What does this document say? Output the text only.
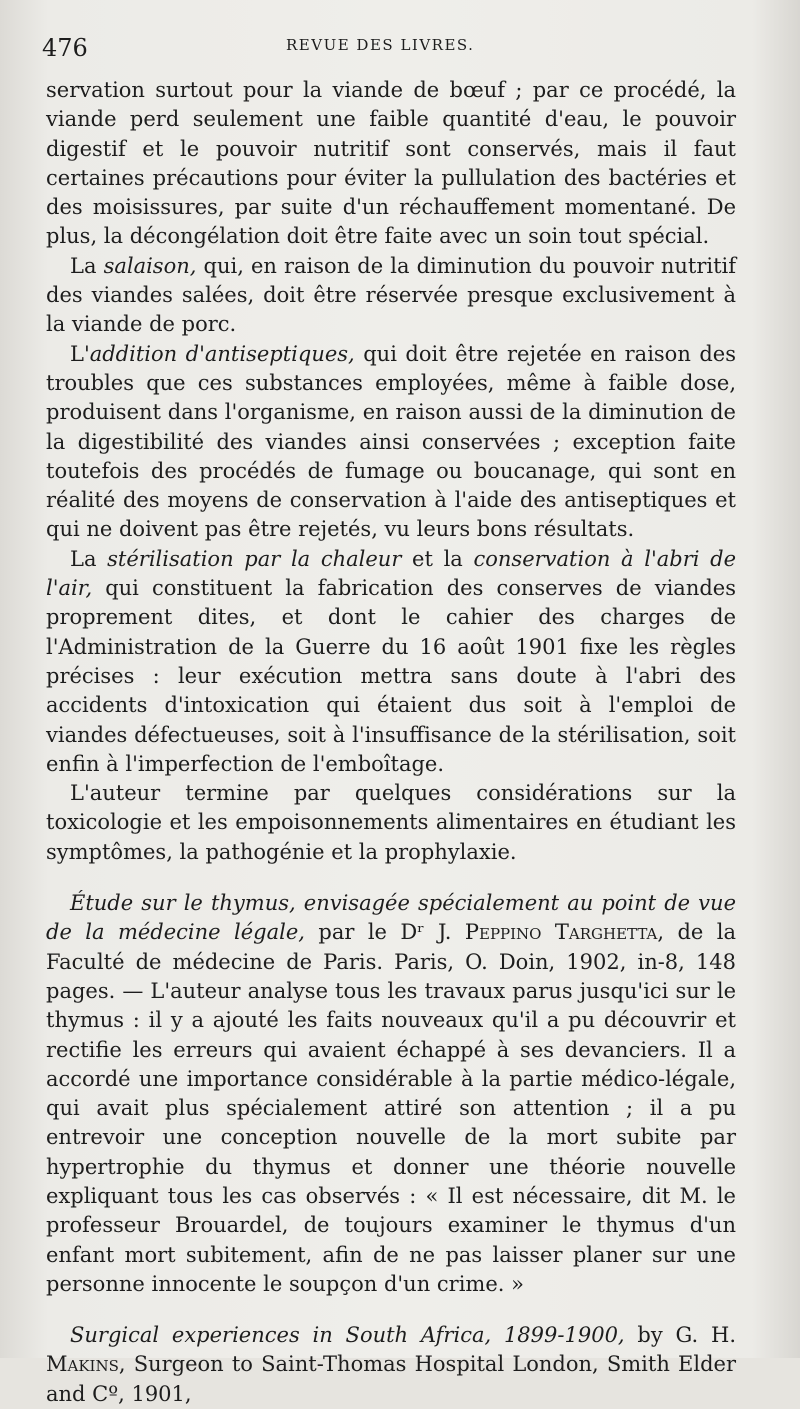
476	REVUE DES LIVRES.

servation surtout pour la viande de bœuf ; par ce procédé, la viande perd seulement une faible quantité d'eau, le pouvoir digestif et le pouvoir nutritif sont conservés, mais il faut certaines précautions pour éviter la pullulation des bactéries et des moisissures, par suite d'un réchauffement momentané. De plus, la décongélation doit être faite avec un soin tout spécial.

La salaison, qui, en raison de la diminution du pouvoir nutritif des viandes salées, doit être réservée presque exclusivement à la viande de porc.

L'addition d'antiseptiques, qui doit être rejetée en raison des troubles que ces substances employées, même à faible dose, produisent dans l'organisme, en raison aussi de la diminution de la digestibilité des viandes ainsi conservées ; exception faite toutefois des procédés de fumage ou boucanage, qui sont en réalité des moyens de conservation à l'aide des antiseptiques et qui ne doivent pas être rejetés, vu leurs bons résultats.

La stérilisation par la chaleur et la conservation à l'abri de l'air, qui constituent la fabrication des conserves de viandes proprement dites, et dont le cahier des charges de l'Administration de la Guerre du 16 août 1901 fixe les règles précises : leur exécution mettra sans doute à l'abri des accidents d'intoxication qui étaient dus soit à l'emploi de viandes défectueuses, soit à l'insuffisance de la stérilisation, soit enfin à l'imperfection de l'emboîtage.

L'auteur termine par quelques considérations sur la toxicologie et les empoisonnements alimentaires en étudiant les symptômes, la pathogénie et la prophylaxie.

Étude sur le thymus, envisagée spécialement au point de vue de la médecine légale, par le Dʳ J. Peppino Targhetta, de la Faculté de médecine de Paris. Paris, O. Doin, 1902, in-8, 148 pages. — L'auteur analyse tous les travaux parus jusqu'ici sur le thymus : il y a ajouté les faits nouveaux qu'il a pu découvrir et rectifie les erreurs qui avaient échappé à ses devanciers. Il a accordé une importance considérable à la partie médico-légale, qui avait plus spécialement attiré son attention ; il a pu entrevoir une conception nouvelle de la mort subite par hypertrophie du thymus et donner une théorie nouvelle expliquant tous les cas observés : « Il est nécessaire, dit M. le professeur Brouardel, de toujours examiner le thymus d'un enfant mort subitement, afin de ne pas laisser planer sur une personne innocente le soupçon d'un crime. »

Surgical experiences in South Africa, 1899-1900, by G. H. Makins, Surgeon to Saint-Thomas Hospital London, Smith Elder and Cº, 1901,
